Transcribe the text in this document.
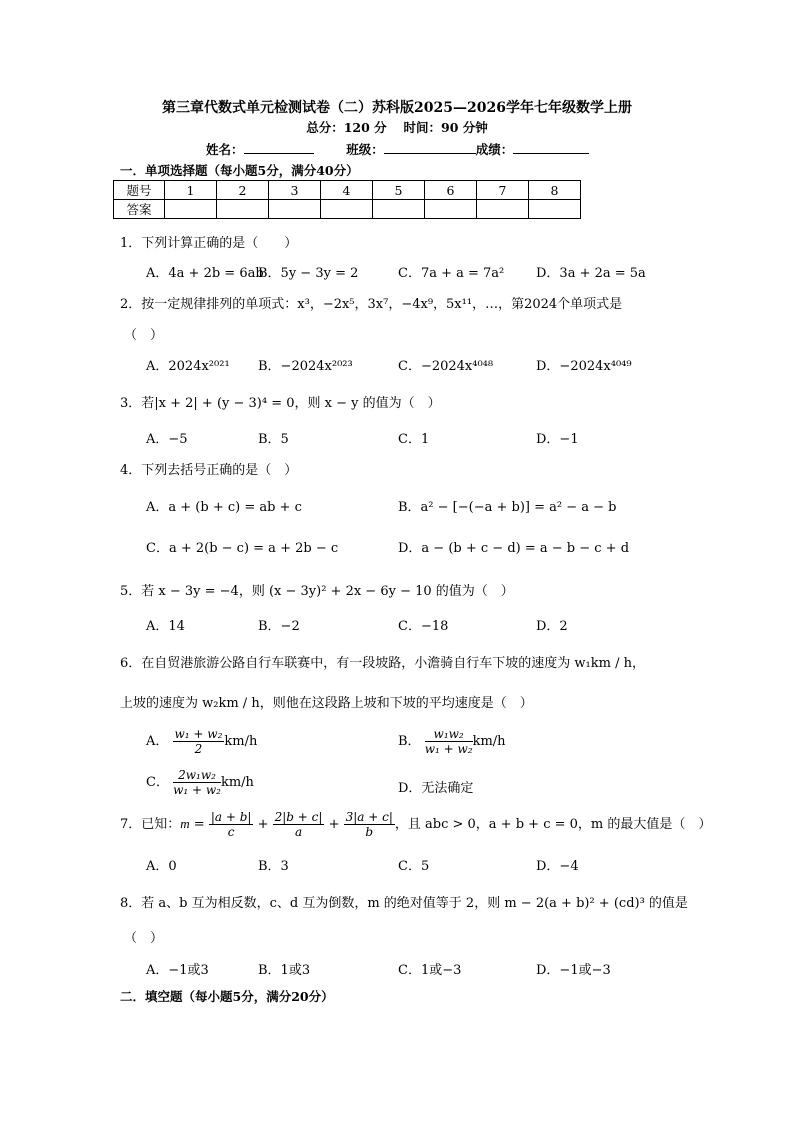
第三章代数式单元检测试卷（二）苏科版2025—2026学年七年级数学上册
总分：120 分　 时间：90 分钟
姓名：	班级：	成绩：
一．单项选择题（每小题5分，满分40分）
题号	1	2	3	4	5	6	7	8
答案								
1．下列计算正确的是（　　）
A．4a + 2b = 6ab
B．5y − 3y = 2	C．7a + a = 7a² D．3a + 2a = 5a
2．按一定规律排列的单项式：x³，−2x⁵，3x⁷，−4x⁹，5x¹¹，…，第2024个单项式是
（　）
A．2024x²⁰²¹ B．−2024x²⁰²³	C．−2024x⁴⁰⁴⁸	D．−2024x⁴⁰⁴⁹
3．若|x + 2| + (y − 3)⁴ = 0，则 x − y 的值为（　）
A．−5	B．5	C．1	D．−1
4．下列去括号正确的是（　）
A．a + (b + c) = ab + c	B．a² − [−(−a + b)] = a² − a − b
C．a + 2(b − c) = a + 2b − c	D．a − (b + c − d) = a − b − c + d
5．若 x − 3y = −4，则 (x − 3y)² + 2x − 6y − 10 的值为（　）
A．14	B．−2	C．−18	D．2
6．在自贸港旅游公路自行车联赛中，有一段坡路，小澹骑自行车下坡的速度为 w₁km / h，
上坡的速度为 w₂km / h，则他在这段路上坡和下坡的平均速度是（　）
A． $\frac{\text{w₁ + w₂}}{2} km/h$	B． $\frac{\text{w₁w₂}}{\text{w₁ + w₂}} km/h$
C． $\frac{\text{2w₁w₂}}{\text{w₁ + w₂}} km/h$	D．无法确定
7．已知：$m = \frac{|a + b|}{c} + \frac{2|b + c|}{a} + \frac{3|a + c|}{b}$ ，且 abc > 0，a + b + c = 0，m 的最大值是（　）
A．0	B．3	C．5	D．−4
8．若 a、b 互为相反数，c、d 互为倒数，m 的绝对值等于 2，则 m − 2(a + b)² + (cd)³ 的值是
（　）
A．−1或3	B．1或3	C．1或−3	D．−1或−3
二．填空题（每小题5分，满分20分）
